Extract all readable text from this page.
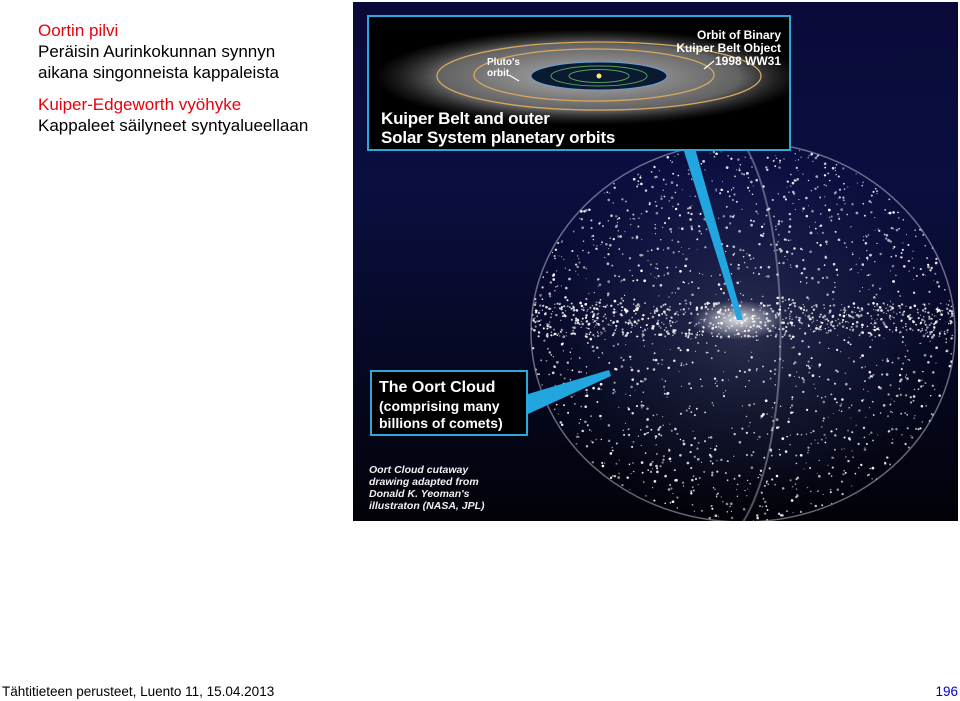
Oortin pilvi
Peräisin Aurinkokunnan synnyn
aikana singonneista kappaleista
Kuiper-Edgeworth vyöhyke
Kappaleet säilyneet syntyalueellaan
Pluto's
orbit
Orbit of Binary
Kuiper Belt Object
1998 WW31
Kuiper Belt and outer
Solar System planetary orbits
The Oort Cloud
(comprising many
billions of comets)
Oort Cloud cutaway
drawing adapted from
Donald K. Yeoman's
illustraton (NASA, JPL)
Tähtitieteen perusteet, Luento 11, 15.04.2013	196
